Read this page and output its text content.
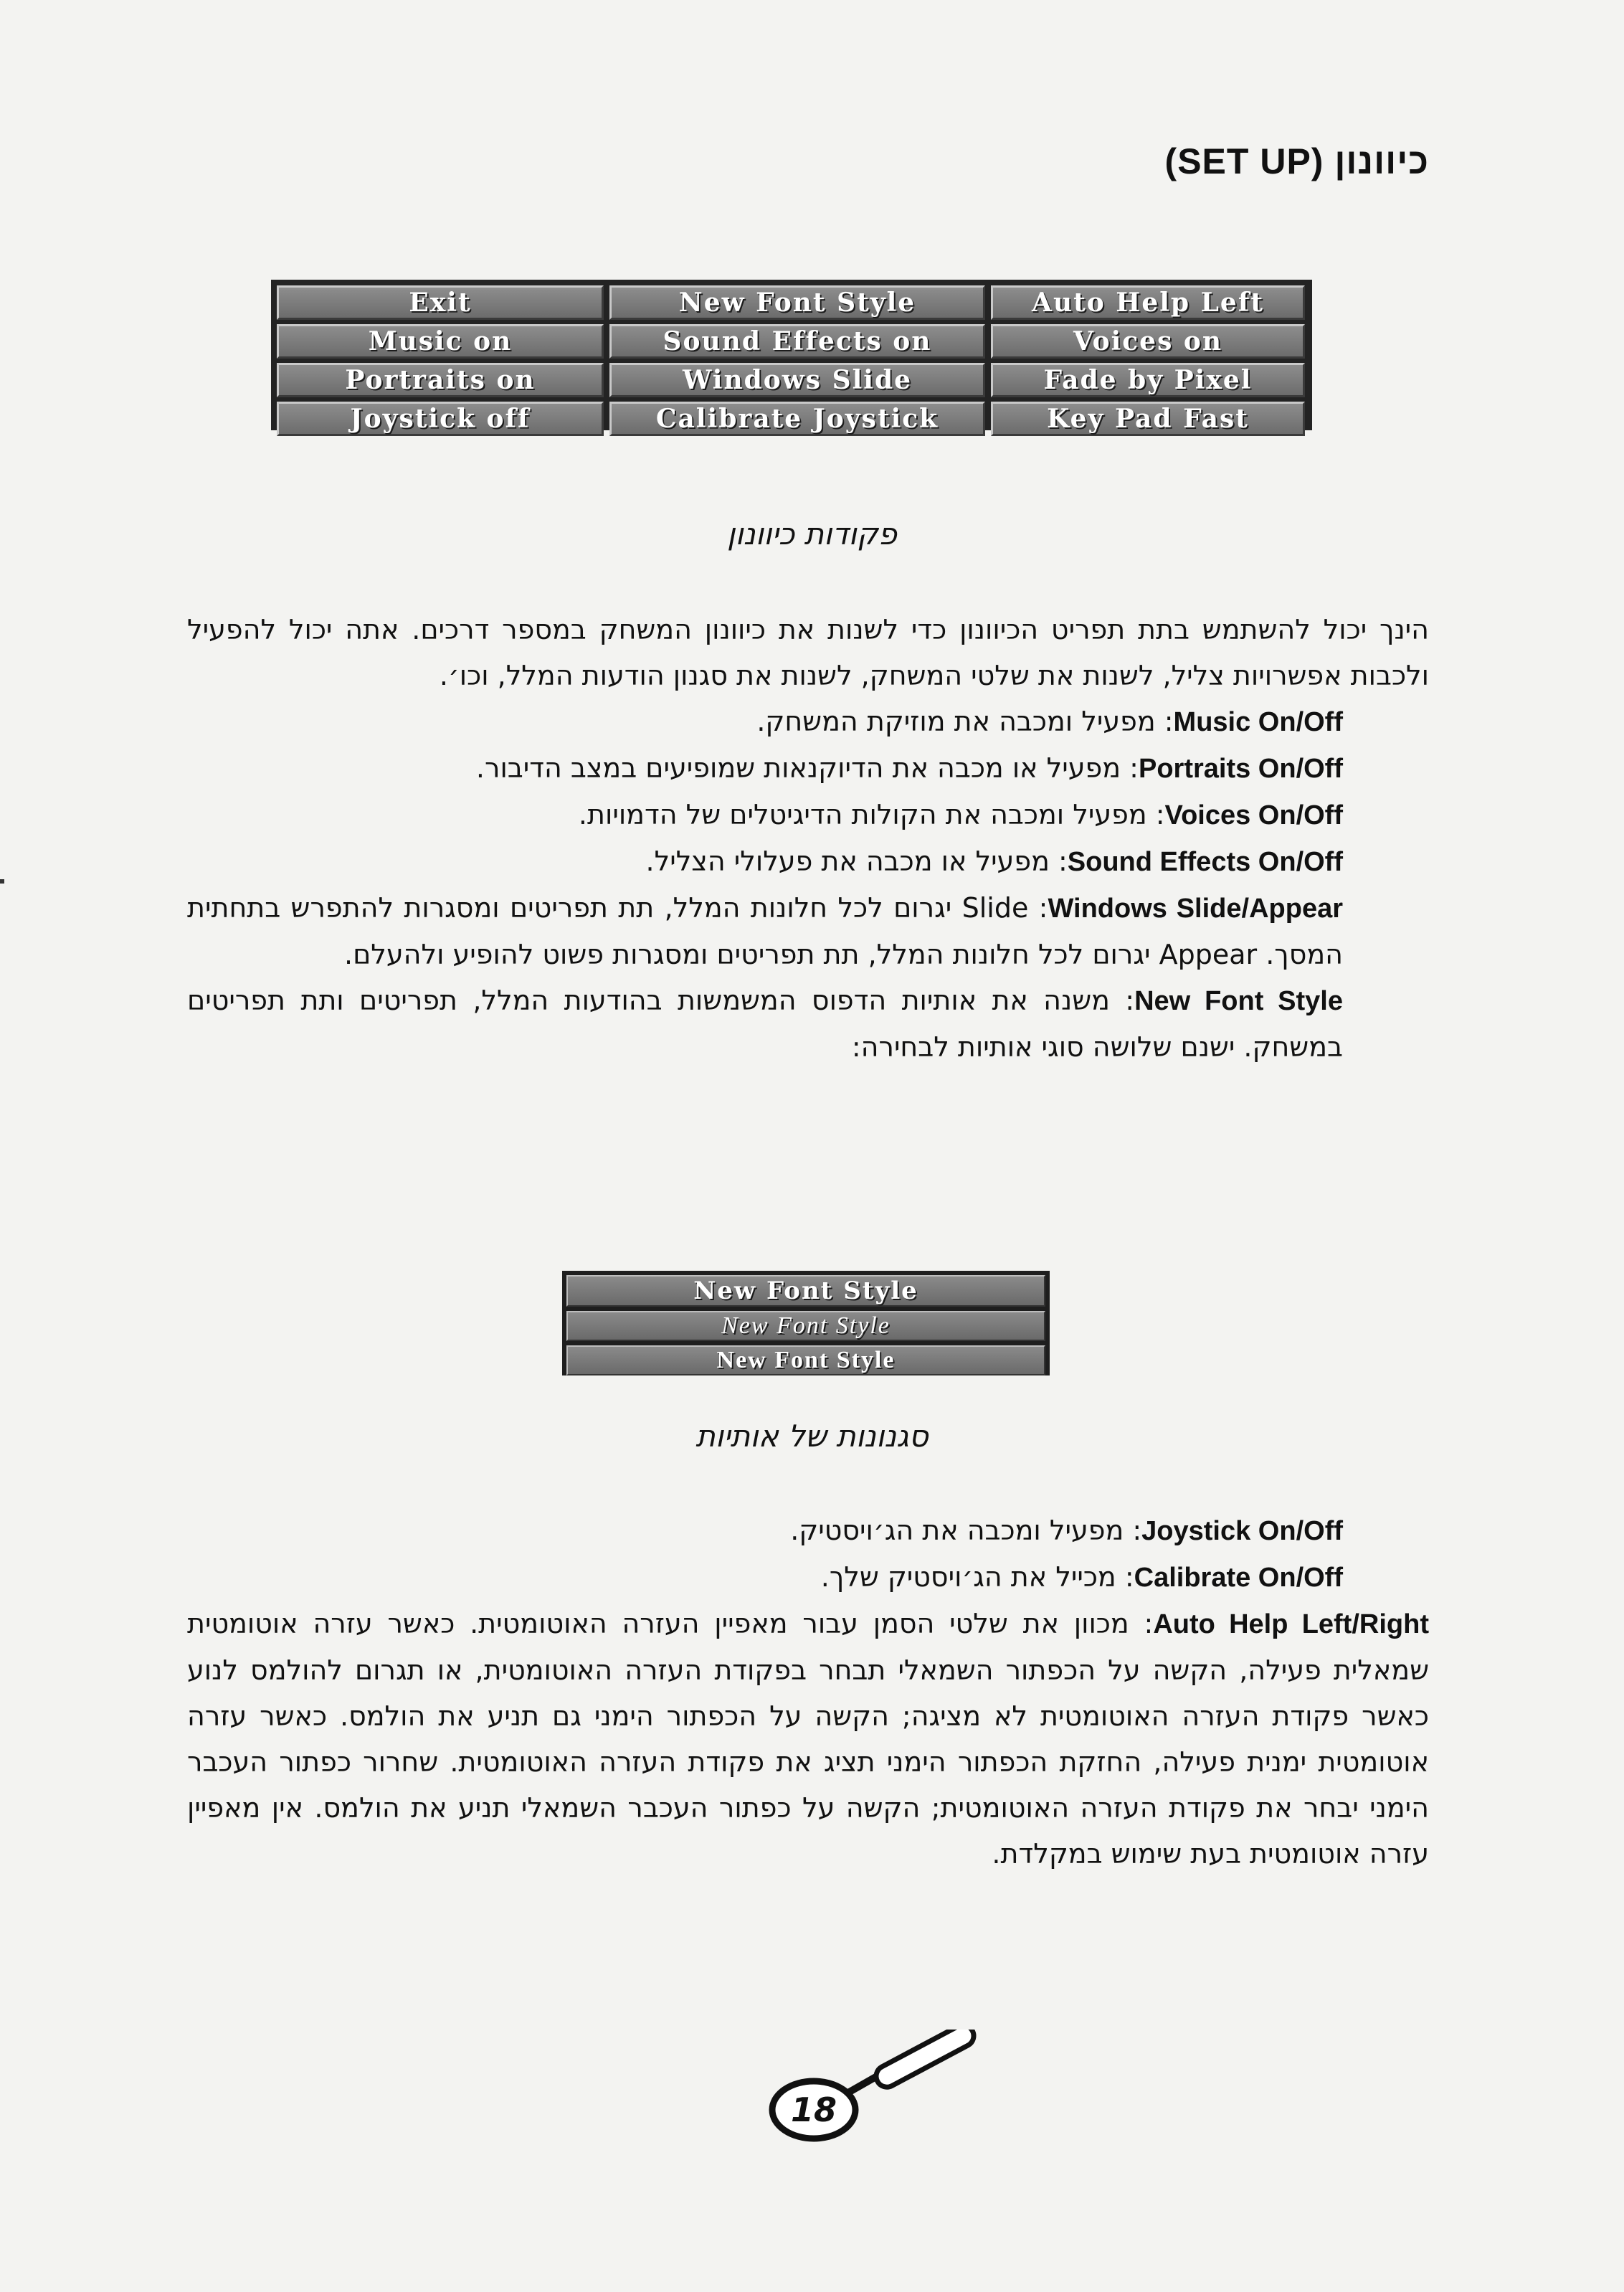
כיוונון (SET UP)
Exit	New Font Style	Auto Help Left
Music on	Sound Effects on	Voices on
Portraits on	Windows Slide	Fade by Pixel
Joystick off	Calibrate Joystick	Key Pad Fast
פקודות כיוונון

הינך יכול להשתמש בתת תפריט הכיוונון כדי לשנות את כיוונון המשחק במספר דרכים. אתה יכול להפעיל ולכבות אפשרויות צליל, לשנות את שלטי המשחק, לשנות את סגנון הודעות המלל, וכו׳.

Music On/Off: מפעיל ומכבה את מוזיקת המשחק.

Portraits On/Off: מפעיל או מכבה את הדיוקנאות שמופיעים במצב הדיבור.

Voices On/Off: מפעיל ומכבה את הקולות הדיגיטלים של הדמויות.

Sound Effects On/Off: מפעיל או מכבה את פעלולי הצליל.

Windows Slide/Appear: Slide יגרום לכל חלונות המלל, תת תפריטים ומסגרות להתפרש בתחתית המסך. Appear יגרום לכל חלונות המלל, תת תפריטים ומסגרות פשוט להופיע ולהעלם.

New Font Style: משנה את אותיות הדפוס המשמשות בהודעות המלל, תפריטים ותת תפריטים במשחק. ישנם שלושה סוגי אותיות לבחירה:

New Font Style
New Font Style
New Font Style
סגנונות של אותיות

Joystick On/Off: מפעיל ומכבה את הג׳ויסטיק.

Calibrate On/Off: מכייל את הג׳ויסטיק שלך.

Auto Help Left/Right: מכוון את שלטי הסמן עבור מאפיין העזרה האוטומטית. כאשר עזרה אוטומטית שמאלית פעילה, הקשה על הכפתור השמאלי תבחר בפקודת העזרה האוטומטית, או תגרום להולמס לנוע כאשר פקודת העזרה האוטומטית לא מציגה; הקשה על הכפתור הימני גם תניע את הולמס. כאשר עזרה אוטומטית ימנית פעילה, החזקת הכפתור הימני תציג את פקודת העזרה האוטומטית. שחרור כפתור העכבר הימני יבחר את פקודת העזרה האוטומטית; הקשה על כפתור העכבר השמאלי תניע את הולמס. אין מאפיין עזרה אוטומטית בעת שימוש במקלדת.

18
